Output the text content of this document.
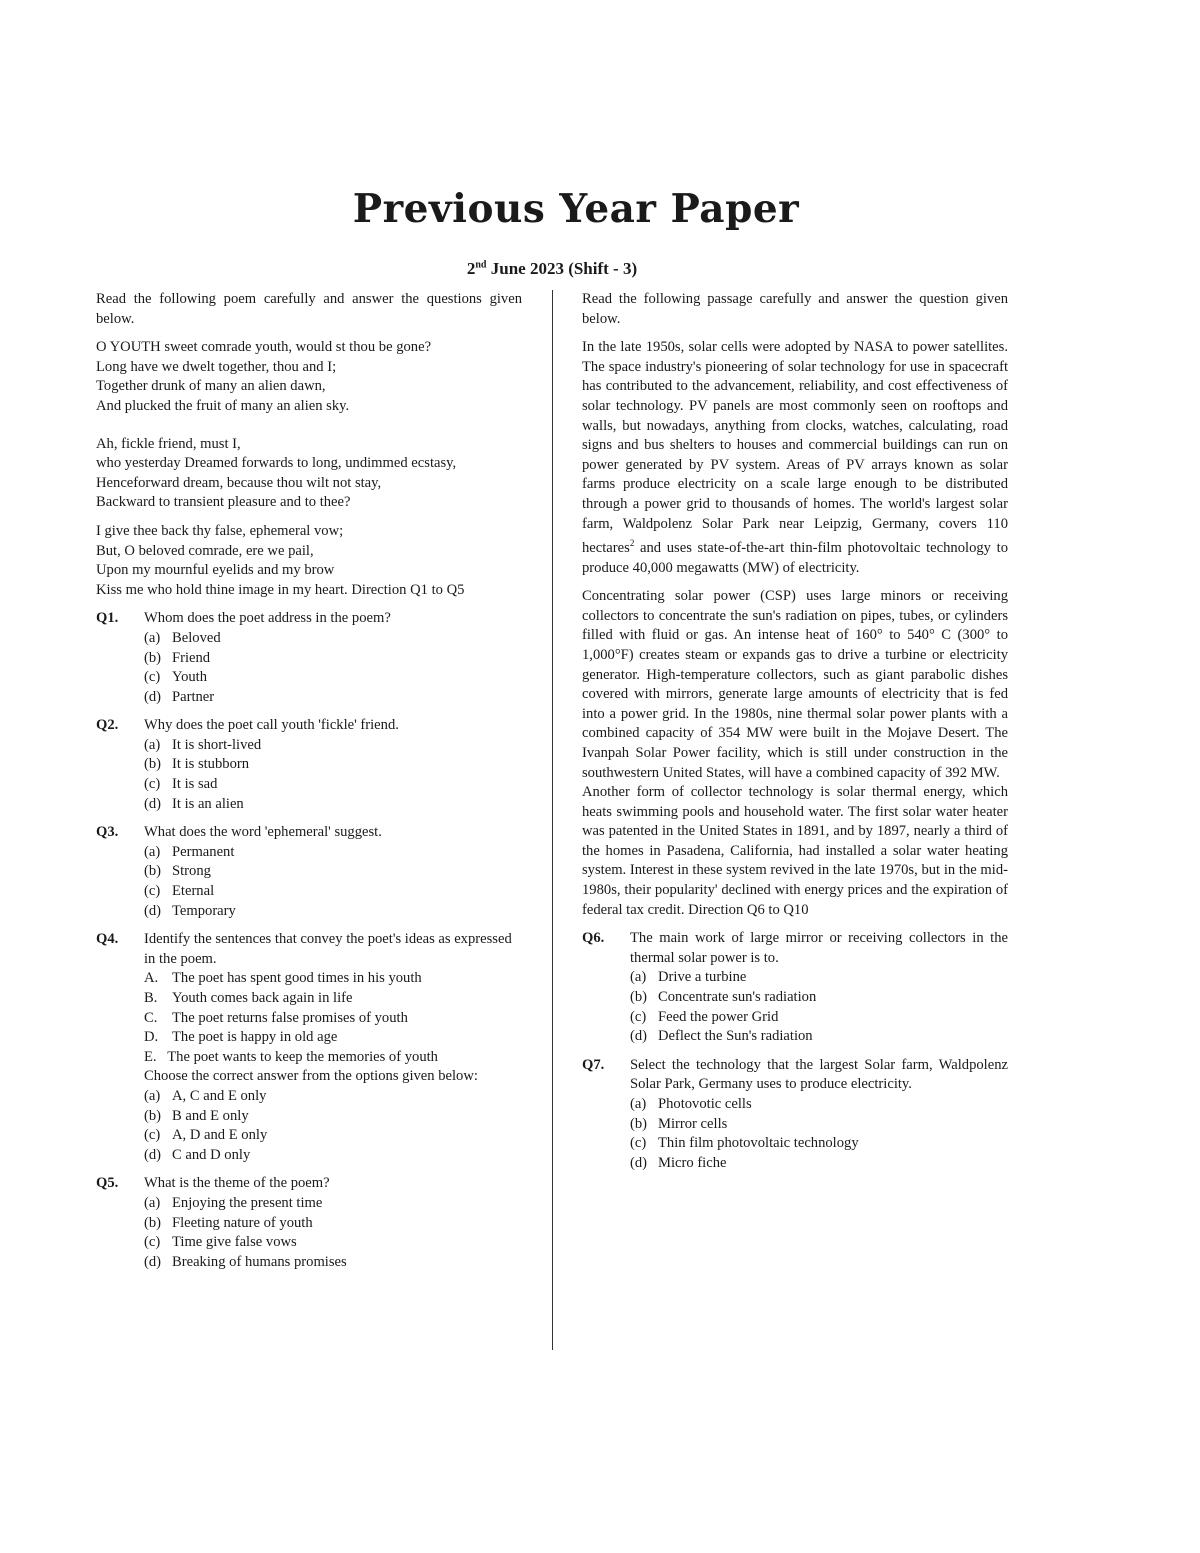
Previous Year Paper
2nd June 2023 (Shift - 3)

Read the following poem carefully and answer the questions given below.

O YOUTH sweet comrade youth, would st thou be gone?
Long have we dwelt together, thou and I;
Together drunk of many an alien dawn,
And plucked the fruit of many an alien sky.

Ah, fickle friend, must I,
who yesterday Dreamed forwards to long, undimmed ecstasy,
Henceforward dream, because thou wilt not stay,
Backward to transient pleasure and to thee?

I give thee back thy false, ephemeral vow;
But, O beloved comrade, ere we pail,
Upon my mournful eyelids and my brow
Kiss me who hold thine image in my heart. Direction Q1 to Q5

Q1.	Whom does the poet address in the poem?
(a) Beloved
(b) Friend
(c) Youth
(d) Partner
Q2.	Why does the poet call youth 'fickle' friend.
(a) It is short-lived
(b) It is stubborn
(c) It is sad
(d) It is an alien
Q3.	What does the word 'ephemeral' suggest.
(a) Permanent
(b) Strong
(c) Eternal
(d) Temporary
Q4.	Identify the sentences that convey the poet's ideas as expressed in the poem.
A. The poet has spent good times in his youth
B. Youth comes back again in life
C. The poet returns false promises of youth
D. The poet is happy in old age
E.   The poet wants to keep the memories of youth
Choose the correct answer from the options given below:
(a) A, C and E only
(b) B and E only
(c) A, D and E only
(d) C and D only
Q5.	What is the theme of the poem?
(a) Enjoying the present time
(b) Fleeting nature of youth
(c) Time give false vows
(d) Breaking of humans promises

Read the following passage carefully and answer the question given below.

In the late 1950s, solar cells were adopted by NASA to power satellites. The space industry's pioneering of solar technology for use in spacecraft has contributed to the advancement, reliability, and cost effectiveness of solar technology. PV panels are most commonly seen on rooftops and walls, but nowadays, anything from clocks, watches, calculating, road signs and bus shelters to houses and commercial buildings can run on power generated by PV system. Areas of PV arrays known as solar farms produce electricity on a scale large enough to be distributed through a power grid to thousands of homes. The world's largest solar farm, Waldpolenz Solar Park near Leipzig, Germany, covers 110 hectares$^2$ and uses state-of-the-art thin-film photovoltaic technology to produce 40,000 megawatts (MW) of electricity.

Concentrating solar power (CSP) uses large minors or receiving collectors to concentrate the sun's radiation on pipes, tubes, or cylinders filled with fluid or gas. An intense heat of 160° to 540° C (300° to 1,000°F) creates steam or expands gas to drive a turbine or electricity generator. High-temperature collectors, such as giant parabolic dishes covered with mirrors, generate large amounts of electricity that is fed into a power grid. In the 1980s, nine thermal solar power plants with a combined capacity of 354 MW were built in the Mojave Desert. The Ivanpah Solar Power facility, which is still under construction in the southwestern United States, will have a combined capacity of 392 MW.

Another form of collector technology is solar thermal energy, which heats swimming pools and household water. The first solar water heater was patented in the United States in 1891, and by 1897, nearly a third of the homes in Pasadena, California, had installed a solar water heating system. Interest in these system revived in the late 1970s, but in the mid-1980s, their popularity' declined with energy prices and the expiration of federal tax credit. Direction Q6 to Q10

Q6.	The main work of large mirror or receiving collectors in the thermal solar power is to.
(a) Drive a turbine
(b) Concentrate sun's radiation
(c) Feed the power Grid
(d) Deflect the Sun's radiation
Q7.	Select the technology that the largest Solar farm, Waldpolenz Solar Park, Germany uses to produce electricity.
(a) Photovotic cells
(b) Mirror cells
(c) Thin film photovoltaic technology
(d) Micro fiche
